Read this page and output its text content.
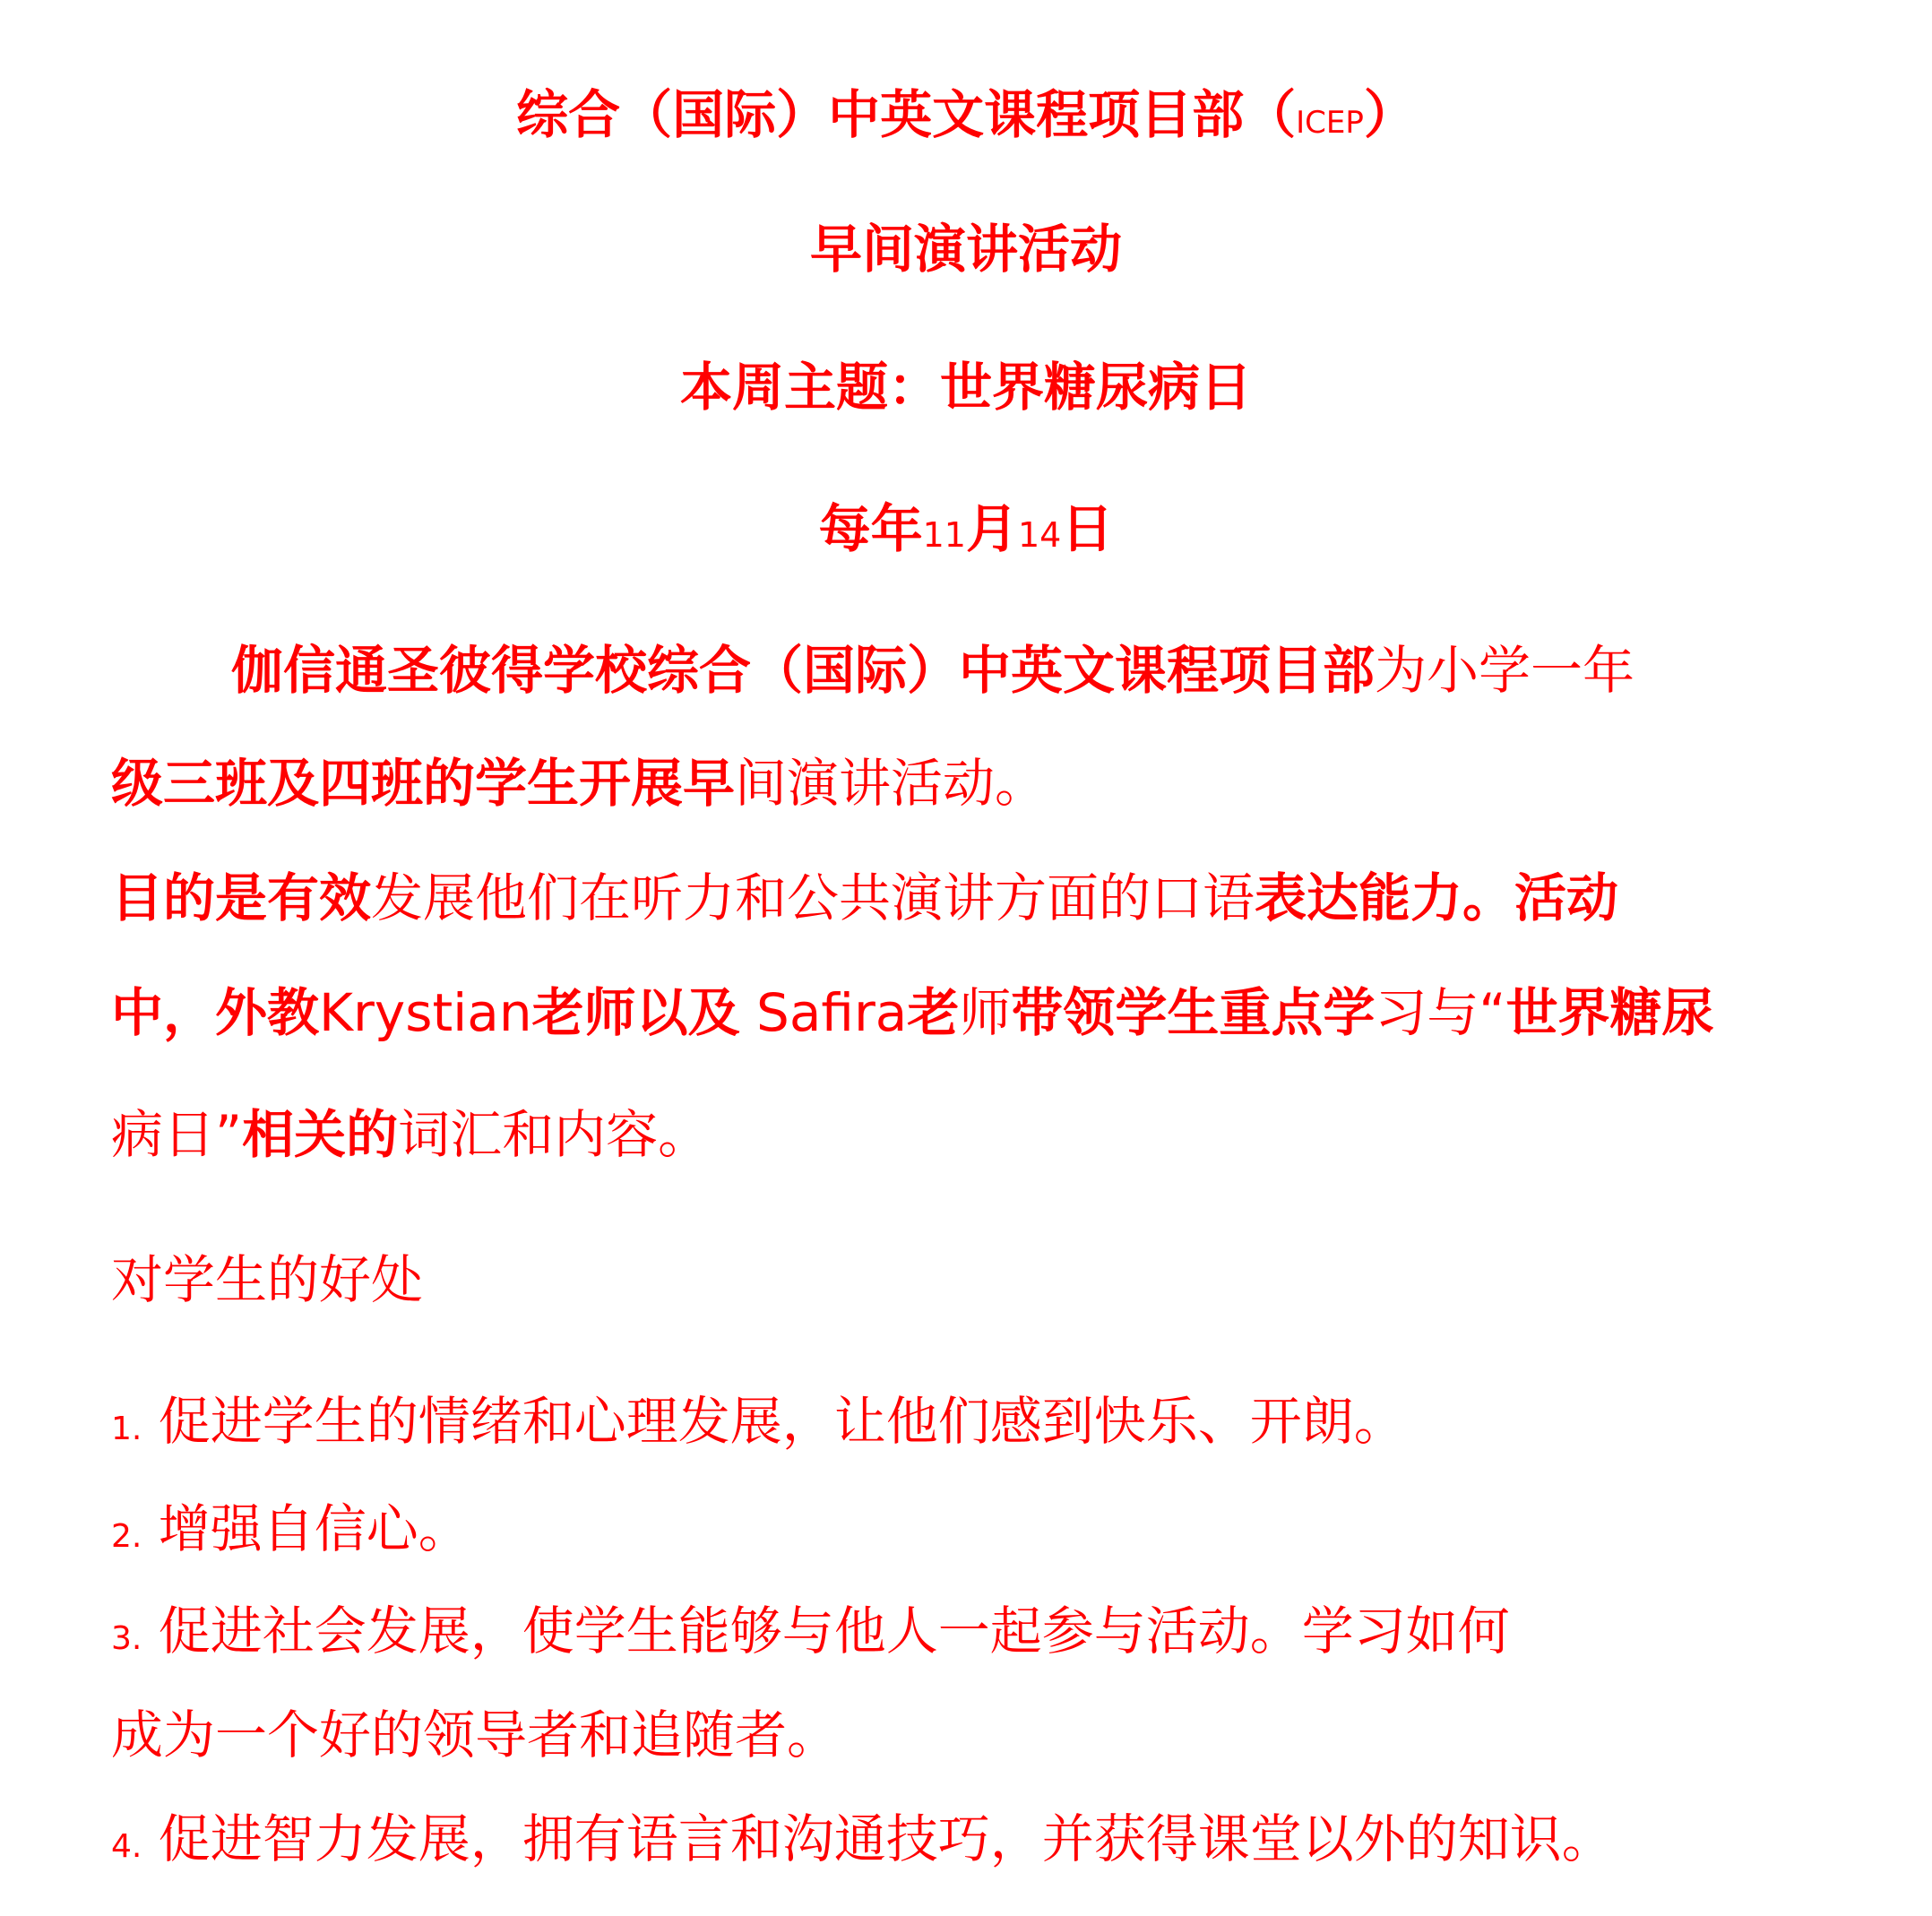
综合（国际）中英文课程项目部（ICEP）
早间演讲活动
本周主题：世界糖尿病日
每年11月14日
伽信通圣彼得学校综合（国际）中英文课程项目部为小学一年
级三班及四班的学生开展早间演讲活动。
目的是有效发展他们在听力和公共演讲方面的口语表达能力。活动
中，外教Krystian老师以及 Safira老师带领学生重点学习与“世界糖尿
病日”相关的词汇和内容。
对学生的好处
1. 促进学生的情绪和心理发展，让他们感到快乐、开朗。
2. 增强自信心。
3. 促进社会发展，使学生能够与他人一起参与活动。学习如何
成为一个好的领导者和追随者。
4. 促进智力发展，拥有语言和沟通技巧，并获得课堂以外的知识。
